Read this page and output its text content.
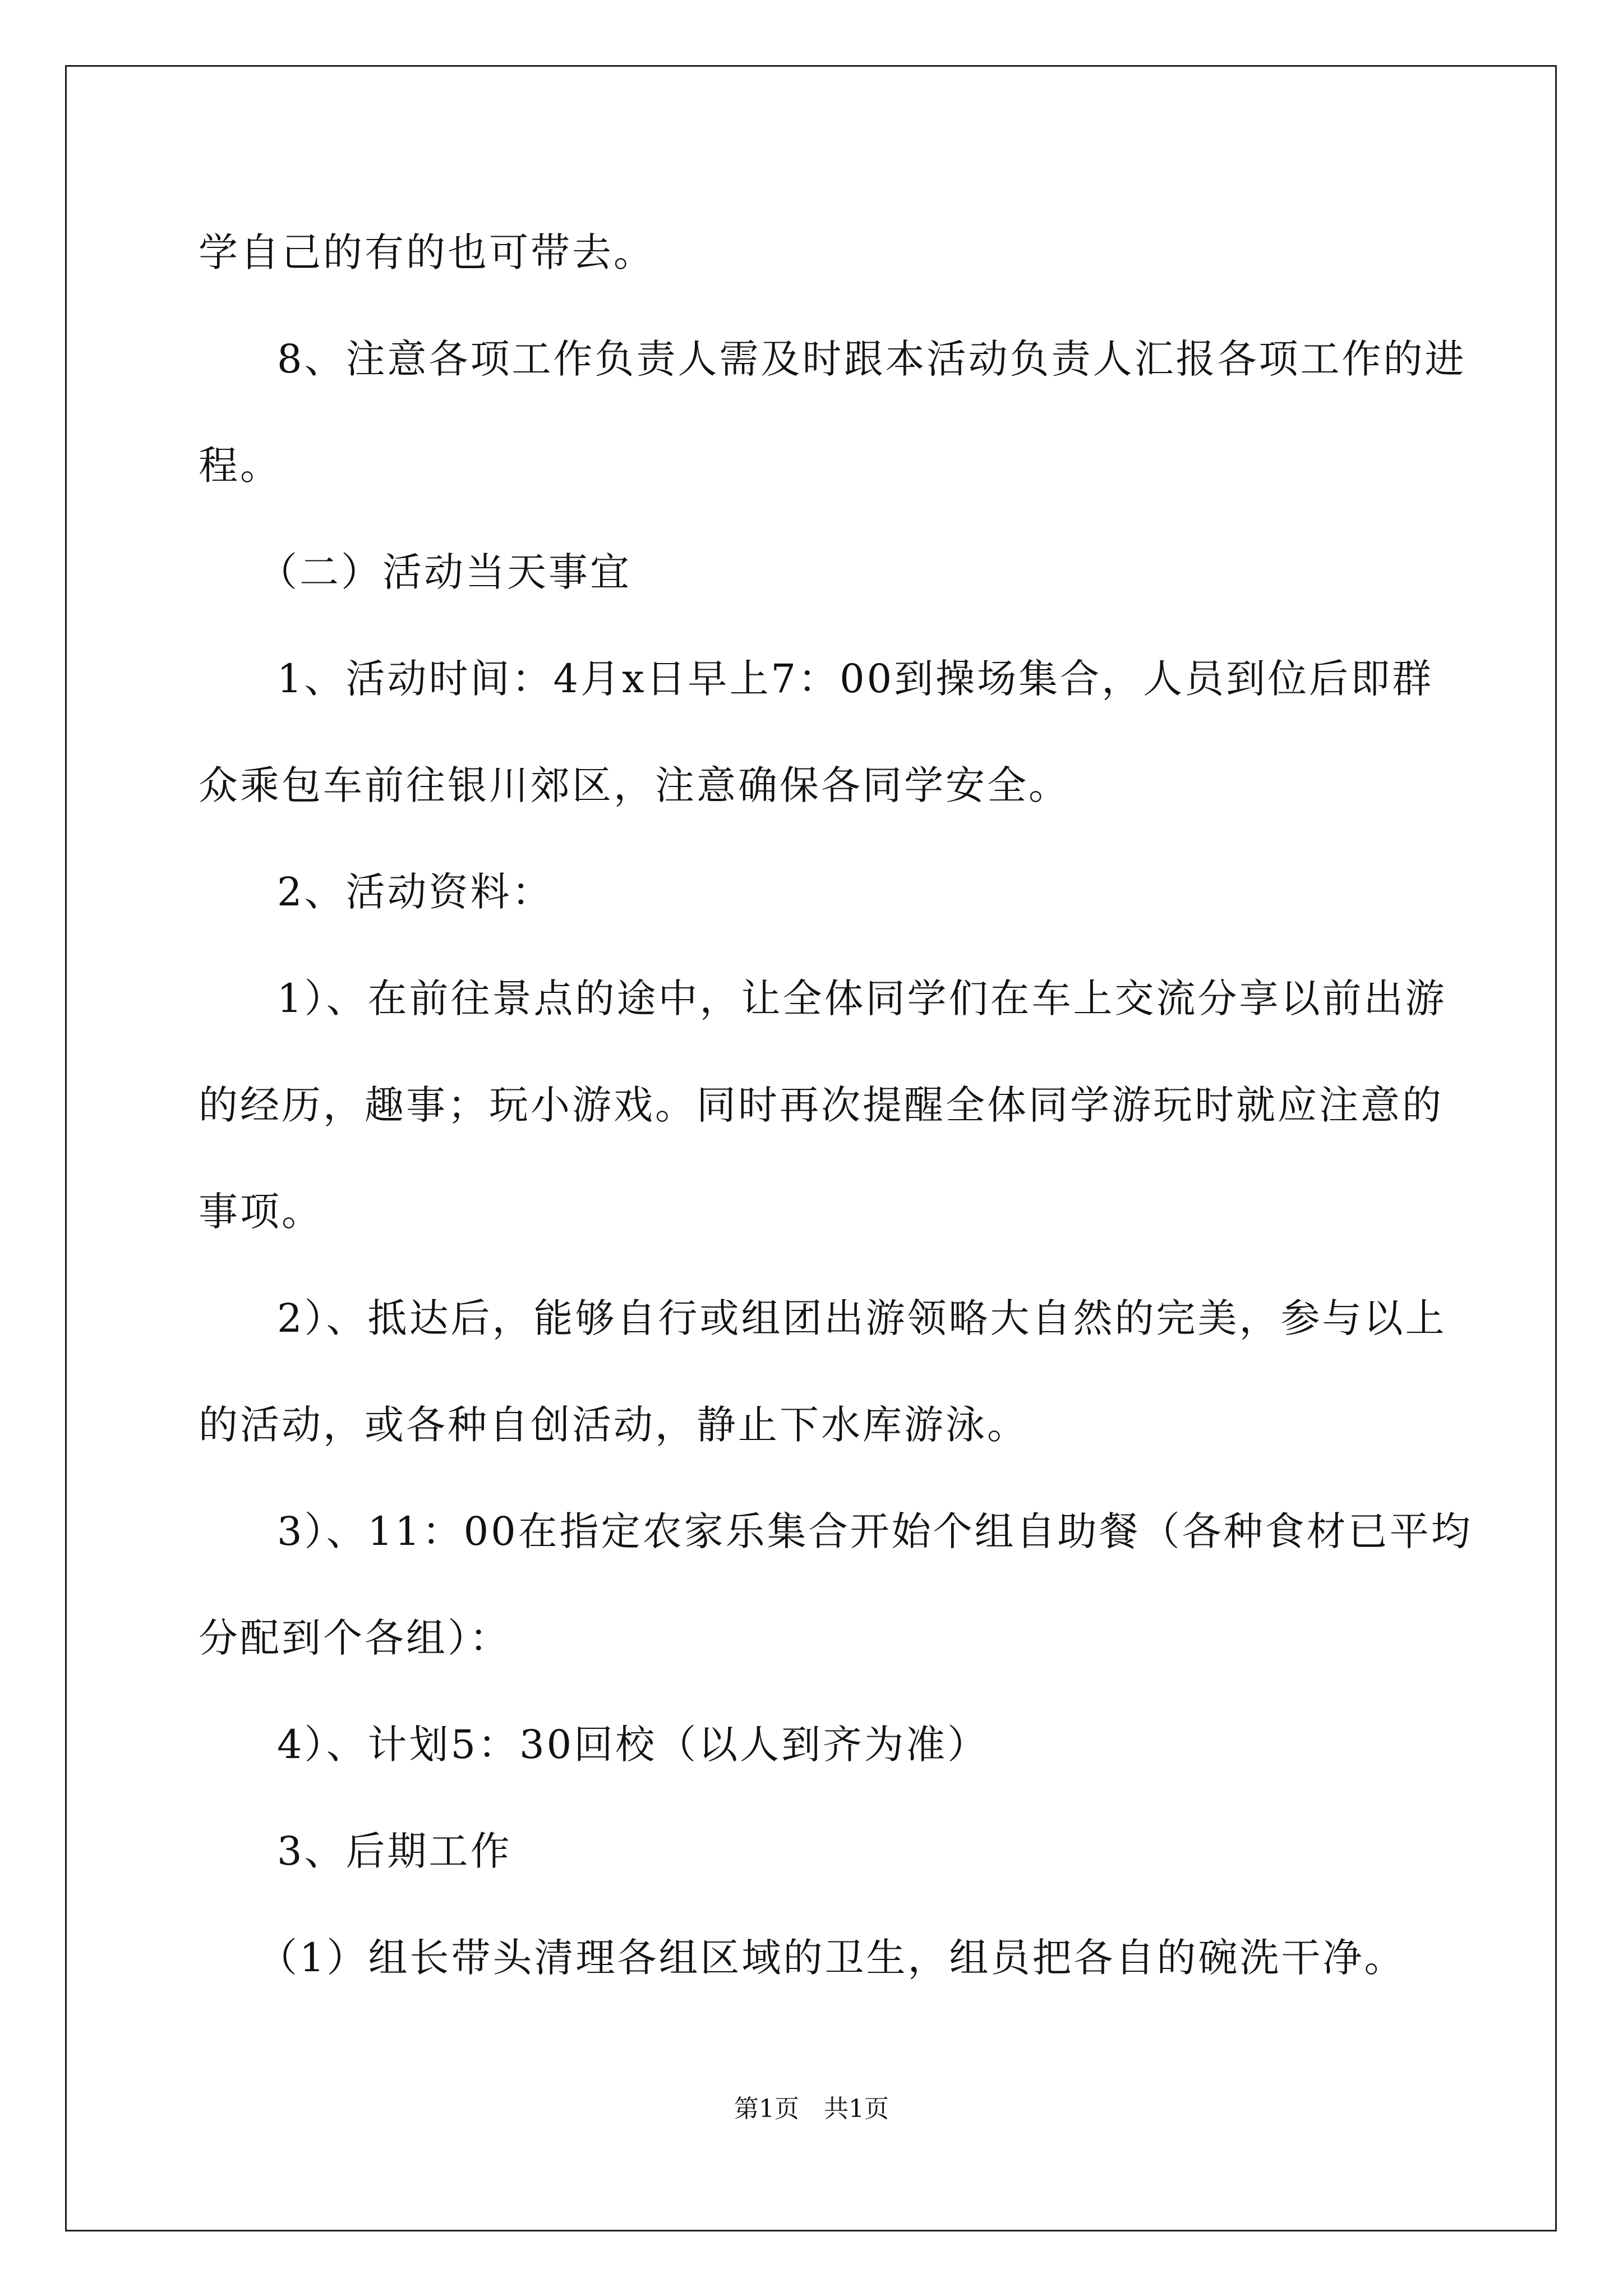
学自己的有的也可带去。
8、注意各项工作负责人需及时跟本活动负责人汇报各项工作的进
程。
（二）活动当天事宜
1、活动时间：4月x日早上7：00到操场集合，人员到位后即群
众乘包车前往银川郊区，注意确保各同学安全。
2、活动资料：
1）、在前往景点的途中，让全体同学们在车上交流分享以前出游
的经历，趣事；玩小游戏。同时再次提醒全体同学游玩时就应注意的
事项。
2）、抵达后，能够自行或组团出游领略大自然的完美，参与以上
的活动，或各种自创活动，静止下水库游泳。
3）、11：00在指定农家乐集合开始个组自助餐（各种食材已平均
分配到个各组）：
4）、计划5：30回校（以人到齐为准）
3、后期工作
（1）组长带头清理各组区域的卫生，组员把各自的碗洗干净。
第1页　共1页
